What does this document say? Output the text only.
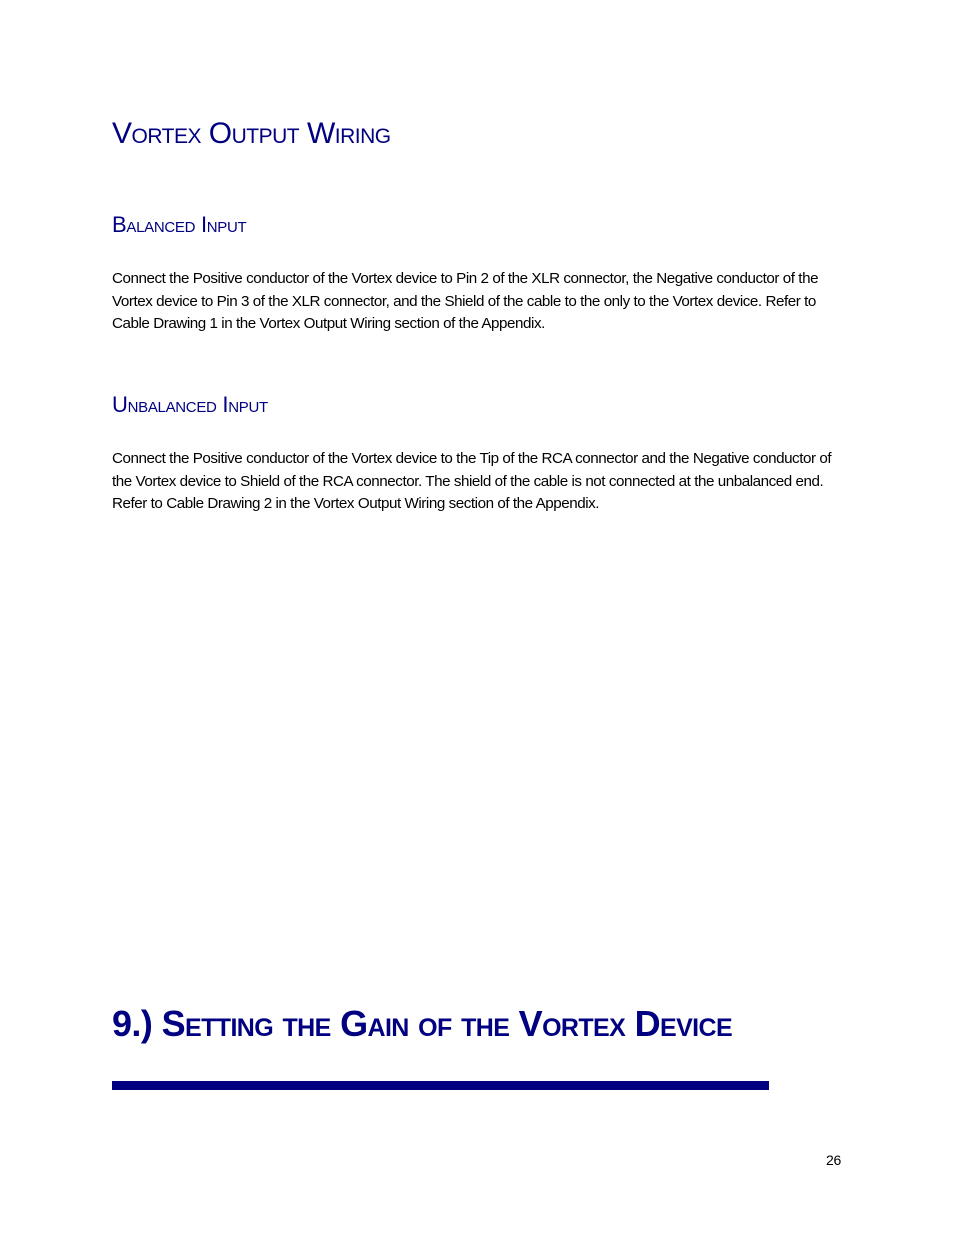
Vortex Output Wiring
Balanced Input

Connect the Positive conductor of the Vortex device to Pin 2 of the XLR connector, the Negative conductor of the Vortex device to Pin 3 of the XLR connector, and the Shield of the cable to the only to the Vortex device. Refer to Cable Drawing 1 in the Vortex Output Wiring section of the Appendix.

Unbalanced Input

Connect the Positive conductor of the Vortex device to the Tip of the RCA connector and the Negative conductor of the Vortex device to Shield of the RCA connector. The shield of the cable is not connected at the unbalanced end. Refer to Cable Drawing 2 in the Vortex Output Wiring section of the Appendix.

9.) Setting the Gain of the Vortex Device
26
